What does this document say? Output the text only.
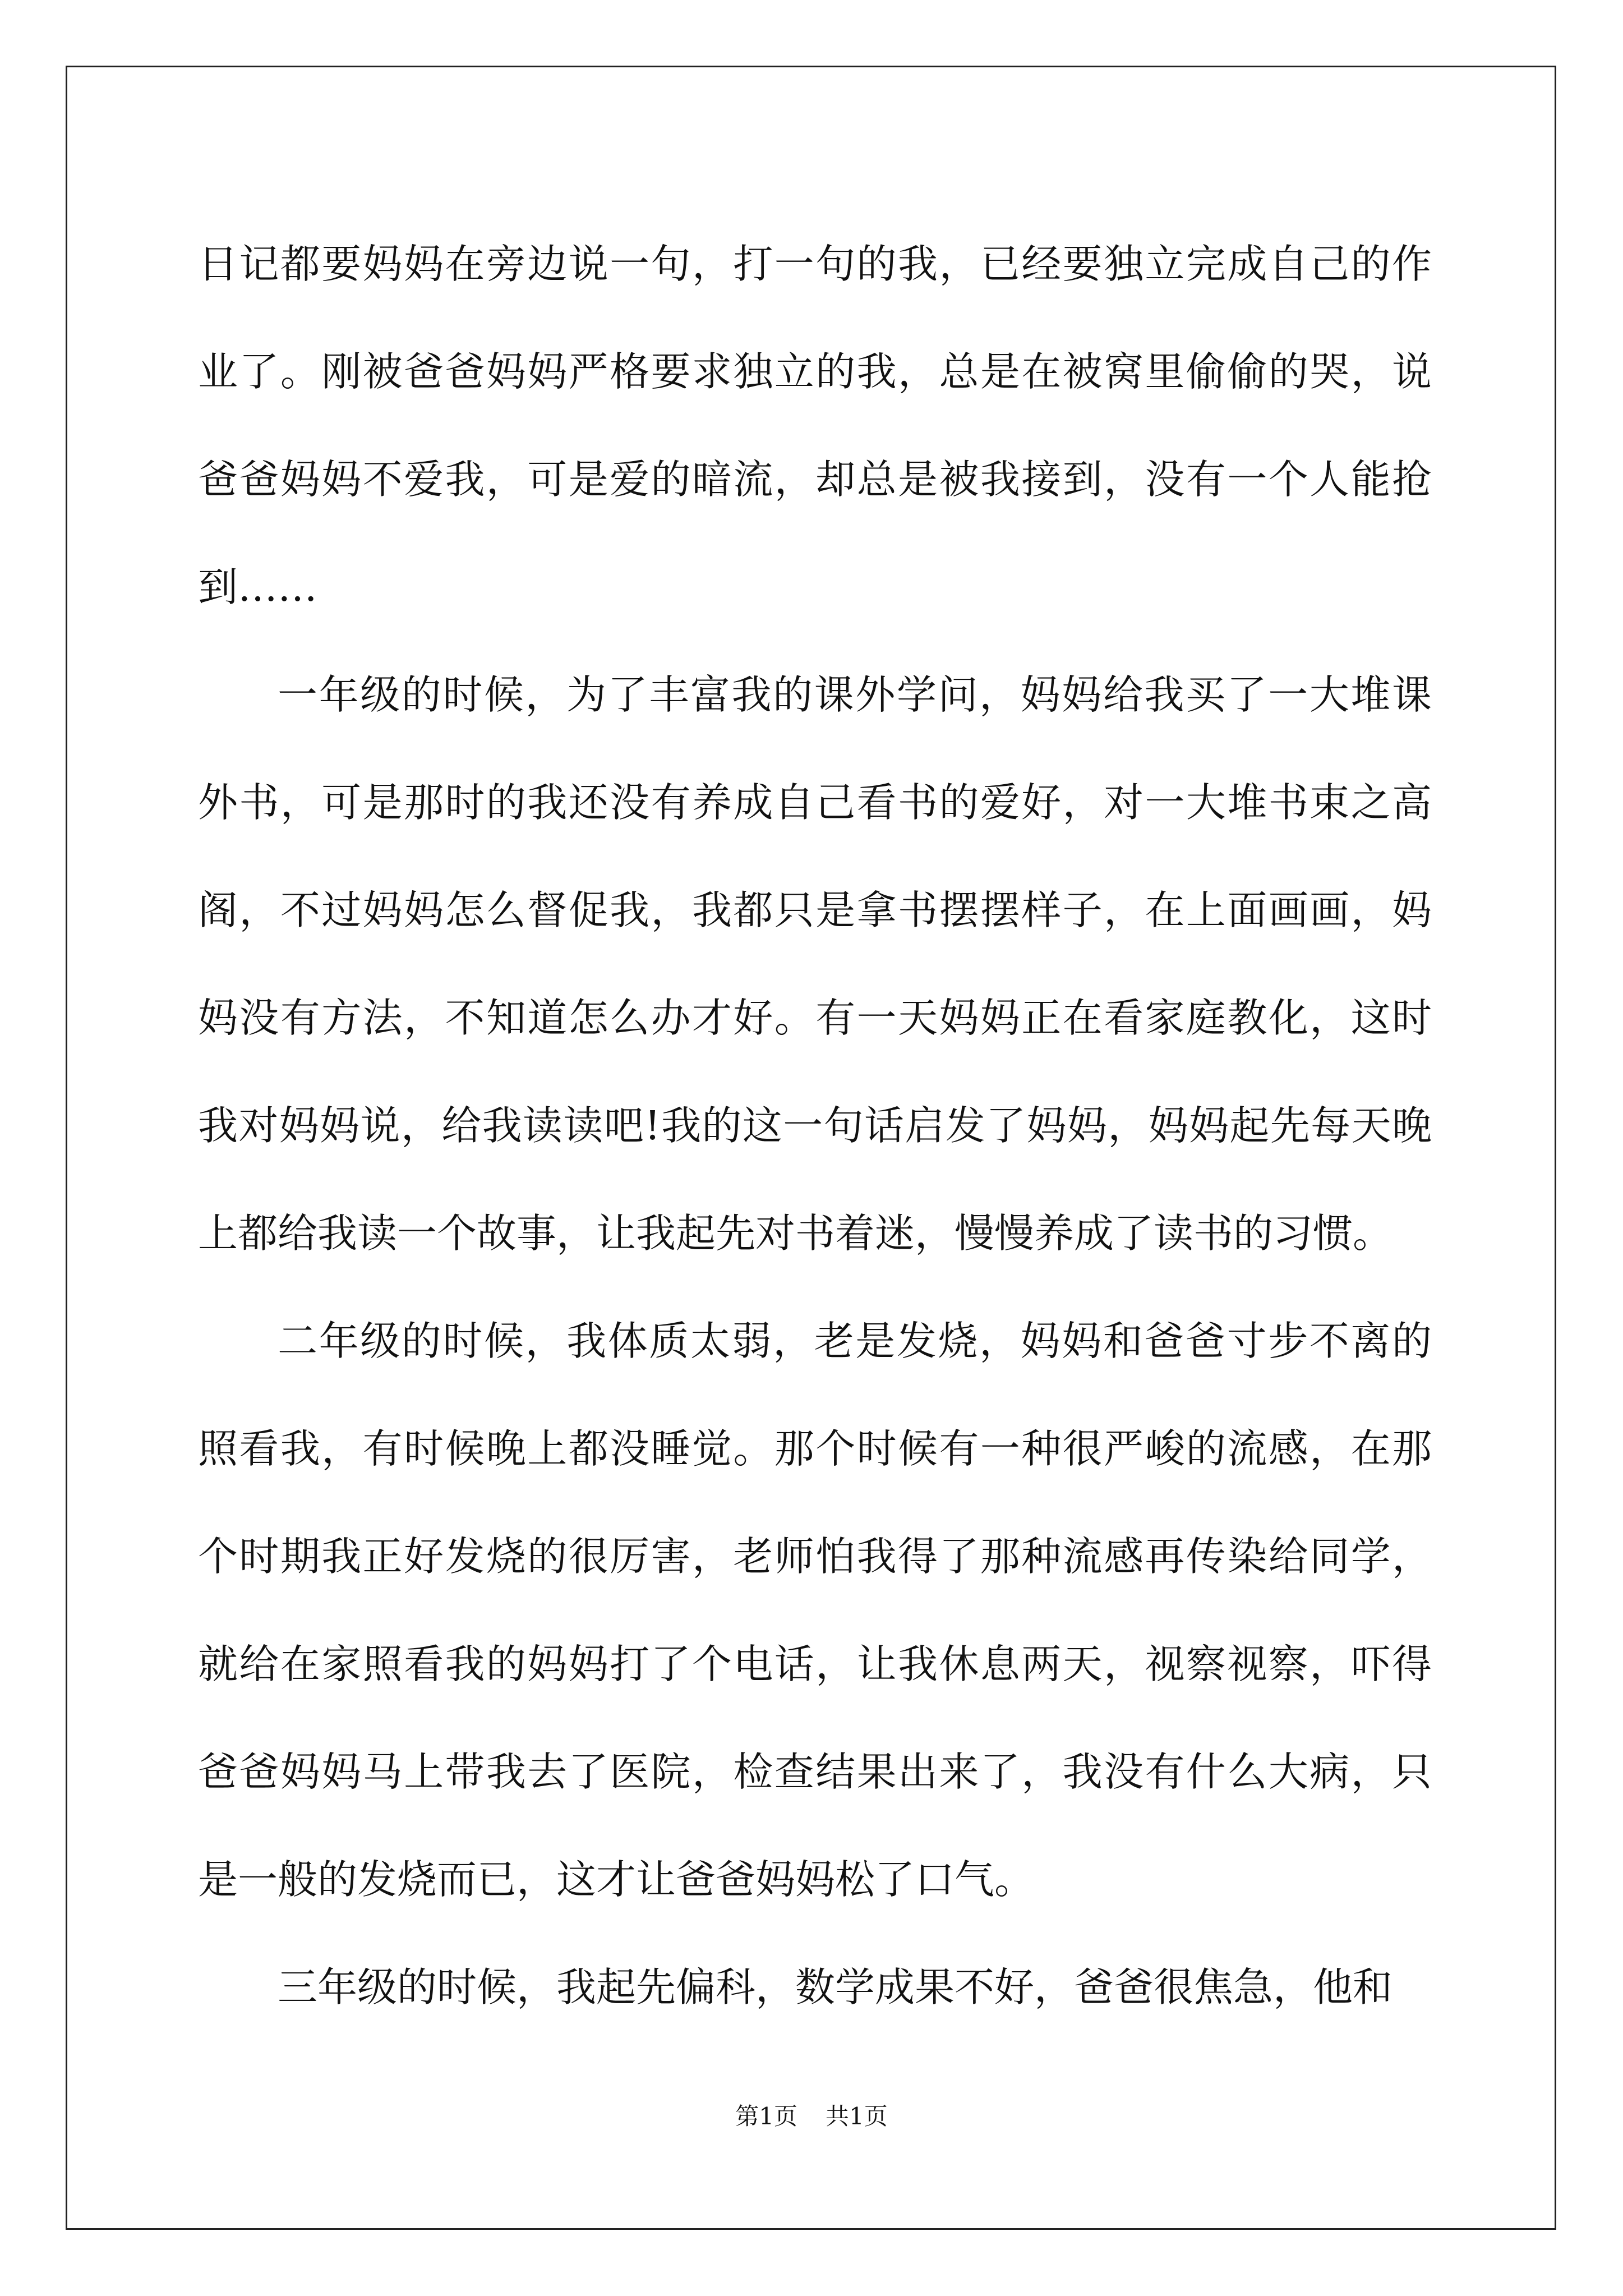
日记都要妈妈在旁边说一句，打一句的我，已经要独立完成自己的作业了。刚被爸爸妈妈严格要求独立的我，总是在被窝里偷偷的哭，说爸爸妈妈不爱我，可是爱的暗流，却总是被我接到，没有一个人能抢到……

一年级的时候，为了丰富我的课外学问，妈妈给我买了一大堆课外书，可是那时的我还没有养成自己看书的爱好，对一大堆书束之高阁，不过妈妈怎么督促我，我都只是拿书摆摆样子，在上面画画，妈妈没有方法，不知道怎么办才好。有一天妈妈正在看家庭教化，这时我对妈妈说，给我读读吧!我的这一句话启发了妈妈，妈妈起先每天晚上都给我读一个故事，让我起先对书着迷，慢慢养成了读书的习惯。

二年级的时候，我体质太弱，老是发烧，妈妈和爸爸寸步不离的照看我，有时候晚上都没睡觉。那个时候有一种很严峻的流感，在那个时期我正好发烧的很厉害，老师怕我得了那种流感再传染给同学，就给在家照看我的妈妈打了个电话，让我休息两天，视察视察，吓得爸爸妈妈马上带我去了医院，检查结果出来了，我没有什么大病，只是一般的发烧而已，这才让爸爸妈妈松了口气。

三年级的时候，我起先偏科，数学成果不好，爸爸很焦急，他和

第1页 共1页
